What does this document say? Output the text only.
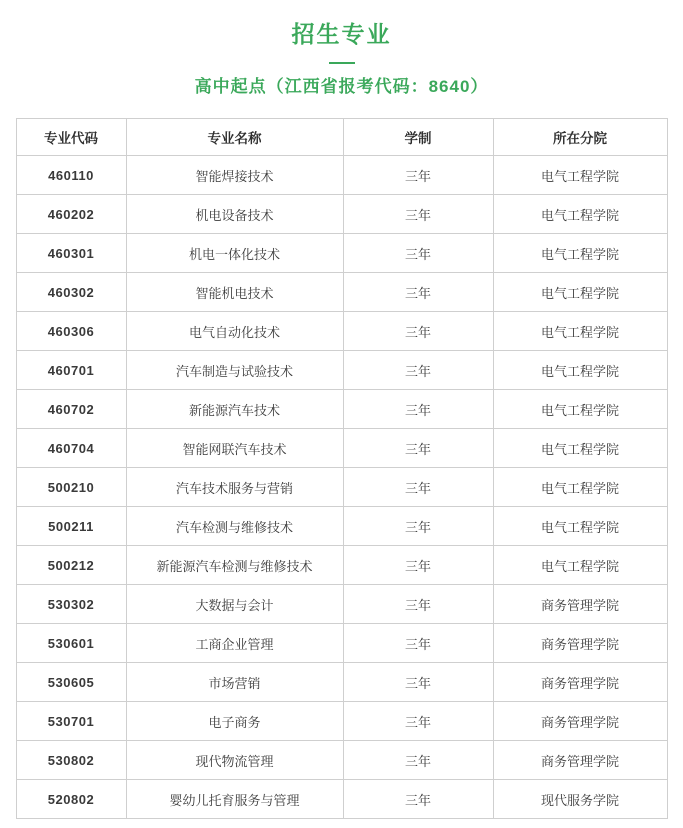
招生专业
高中起点（江西省报考代码：8640）
专业代码	专业名称	学制	所在分院
460110	智能焊接技术	三年	电气工程学院
460202	机电设备技术	三年	电气工程学院
460301	机电一体化技术	三年	电气工程学院
460302	智能机电技术	三年	电气工程学院
460306	电气自动化技术	三年	电气工程学院
460701	汽车制造与试验技术	三年	电气工程学院
460702	新能源汽车技术	三年	电气工程学院
460704	智能网联汽车技术	三年	电气工程学院
500210	汽车技术服务与营销	三年	电气工程学院
500211	汽车检测与维修技术	三年	电气工程学院
500212	新能源汽车检测与维修技术	三年	电气工程学院
530302	大数据与会计	三年	商务管理学院
530601	工商企业管理	三年	商务管理学院
530605	市场营销	三年	商务管理学院
530701	电子商务	三年	商务管理学院
530802	现代物流管理	三年	商务管理学院
520802	婴幼儿托育服务与管理	三年	现代服务学院
